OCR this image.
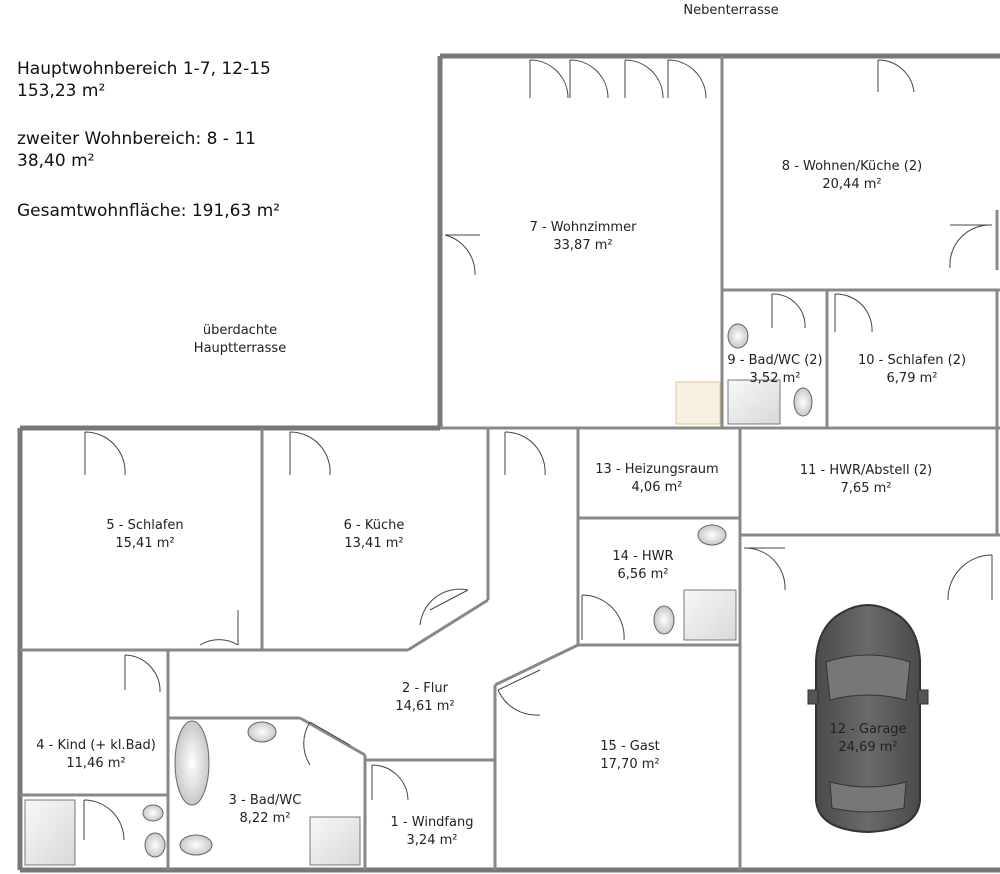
Hauptwohnbereich 1-7, 12-15
153,23 m²
zweiter Wohnbereich: 8 - 11
38,40 m²
Gesamtwohnfläche: 191,63 m²
Nebenterrasse
überdachte
Hauptterrasse
1 - Windfang
3,24 m²
2 - Flur
14,61 m²
3 - Bad/WC
8,22 m²
4 - Kind (+ kl.Bad)
11,46 m²
5 - Schlafen
15,41 m²
6 - Küche
13,41 m²
7 - Wohnzimmer
33,87 m²
8 - Wohnen/Küche (2)
20,44 m²
9 - Bad/WC (2)
3,52 m²
10 - Schlafen (2)
6,79 m²
11 - HWR/Abstell (2)
7,65 m²
12 - Garage
24,69 m²
13 - Heizungsraum
4,06 m²
14 - HWR
6,56 m²
15 - Gast
17,70 m²
